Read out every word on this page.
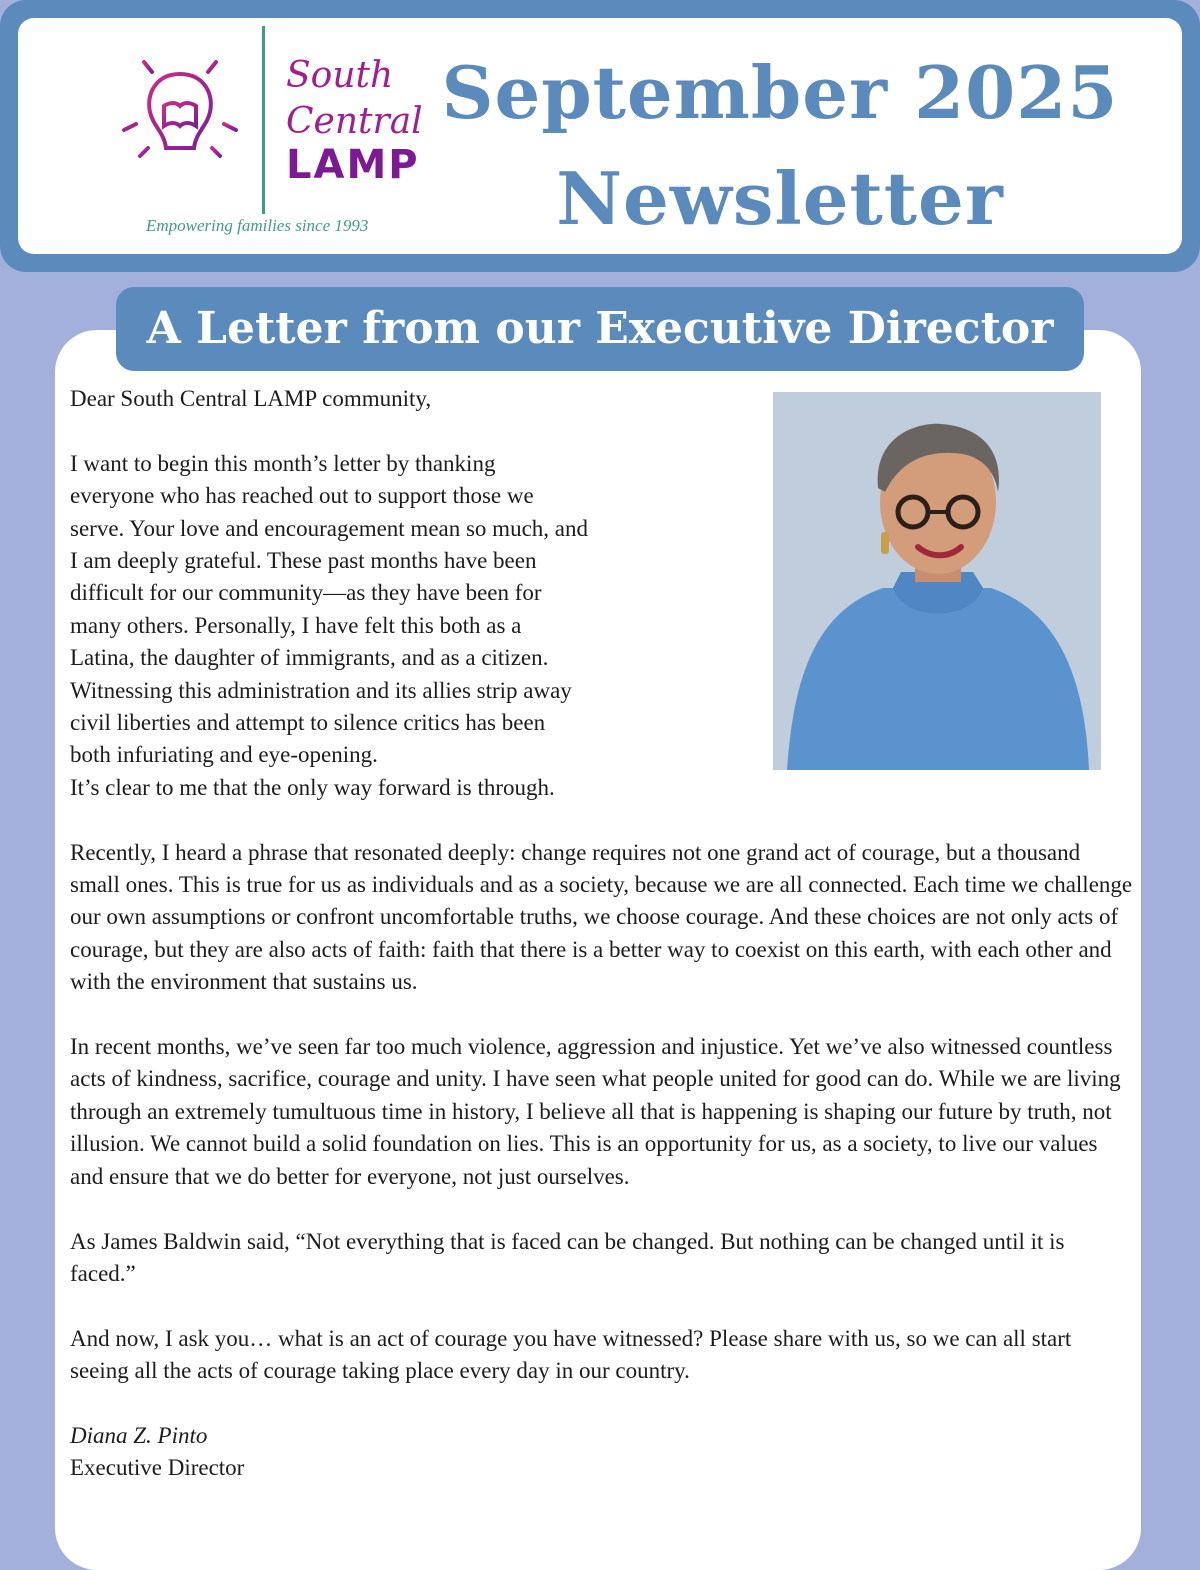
South
Central
LAMP
Empowering families since 1993
September 2025
Newsletter
A Letter from our Executive Director

Dear South Central LAMP community,

I want to begin this month’s letter by thanking
everyone who has reached out to support those we
serve. Your love and encouragement mean so much, and
I am deeply grateful. These past months have been
difficult for our community—as they have been for
many others. Personally, I have felt this both as a
Latina, the daughter of immigrants, and as a citizen.
Witnessing this administration and its allies strip away
civil liberties and attempt to silence critics has been
both infuriating and eye-opening.
It’s clear to me that the only way forward is through.

Recently, I heard a phrase that resonated deeply: change requires not one grand act of courage, but a thousand small ones. This is true for us as individuals and as a society, because we are all connected. Each time we challenge our own assumptions or confront uncomfortable truths, we choose courage. And these choices are not only acts of courage, but they are also acts of faith: faith that there is a better way to coexist on this earth, with each other and with the environment that sustains us.

In recent months, we’ve seen far too much violence, aggression and injustice. Yet we’ve also witnessed countless acts of kindness, sacrifice, courage and unity. I have seen what people united for good can do. While we are living through an extremely tumultuous time in history, I believe all that is happening is shaping our future by truth, not illusion. We cannot build a solid foundation on lies. This is an opportunity for us, as a society, to live our values and ensure that we do better for everyone, not just ourselves.

As James Baldwin said, “Not everything that is faced can be changed. But nothing can be changed until it is faced.”

And now, I ask you… what is an act of courage you have witnessed? Please share with us, so we can all start seeing all the acts of courage taking place every day in our country.

Diana Z. Pinto

Executive Director
